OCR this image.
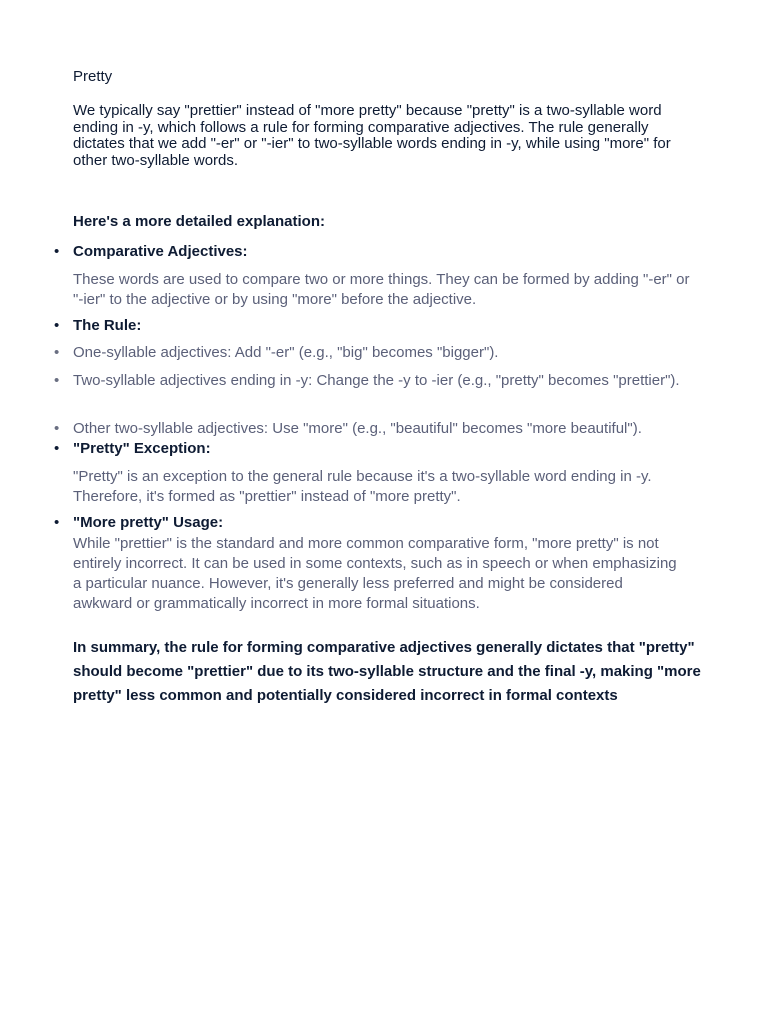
Pretty
We typically say "prettier" instead of "more pretty" because "pretty" is a two-syllable word ending in -y, which follows a rule for forming comparative adjectives. The rule generally dictates that we add "-er" or "-ier" to two-syllable words ending in -y, while using "more" for other two-syllable words.
Here's a more detailed explanation:
• Comparative Adjectives:
These words are used to compare two or more things. They can be formed by adding "-er" or "-ier" to the adjective or by using "more" before the adjective.
• The Rule:
• One-syllable adjectives: Add "-er" (e.g., "big" becomes "bigger").
• Two-syllable adjectives ending in -y: Change the -y to -ier (e.g., "pretty" becomes "prettier").
• Other two-syllable adjectives: Use "more" (e.g., "beautiful" becomes "more beautiful").
• "Pretty" Exception:
"Pretty" is an exception to the general rule because it's a two-syllable word ending in -y. Therefore, it's formed as "prettier" instead of "more pretty".
• "More pretty" Usage:
While "prettier" is the standard and more common comparative form, "more pretty" is not entirely incorrect. It can be used in some contexts, such as in speech or when emphasizing a particular nuance. However, it's generally less preferred and might be considered awkward or grammatically incorrect in more formal situations.
In summary, the rule for forming comparative adjectives generally dictates that "pretty" should become "prettier" due to its two-syllable structure and the final -y, making "more pretty" less common and potentially considered incorrect in formal contexts
